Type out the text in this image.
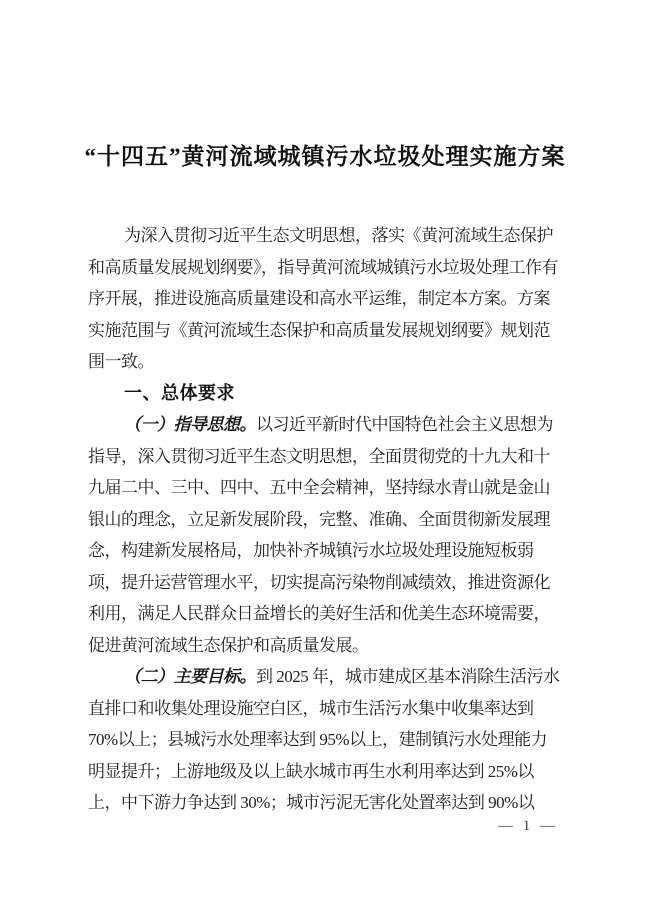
“十四五”黄河流域城镇污水垃圾处理实施方案
为深入贯彻习近平生态文明思想，落实《黄河流域生态保护
和高质量发展规划纲要》，指导黄河流域城镇污水垃圾处理工作有
序开展，推进设施高质量建设和高水平运维，制定本方案。方案
实施范围与《黄河流域生态保护和高质量发展规划纲要》规划范
围一致。
一、总体要求
（一）指导思想。以习近平新时代中国特色社会主义思想为
指导，深入贯彻习近平生态文明思想，全面贯彻党的十九大和十
九届二中、三中、四中、五中全会精神，坚持绿水青山就是金山
银山的理念，立足新发展阶段，完整、准确、全面贯彻新发展理
念，构建新发展格局，加快补齐城镇污水垃圾处理设施短板弱
项，提升运营管理水平，切实提高污染物削减绩效，推进资源化
利用，满足人民群众日益增长的美好生活和优美生态环境需要，
促进黄河流域生态保护和高质量发展。
（二）主要目标。到 2025 年，城市建成区基本消除生活污水
直排口和收集处理设施空白区，城市生活污水集中收集率达到
70%以上；县城污水处理率达到 95%以上，建制镇污水处理能力
明显提升；上游地级及以上缺水城市再生水利用率达到 25%以
上，中下游力争达到 30%；城市污泥无害化处置率达到 90%以
— 1 —
